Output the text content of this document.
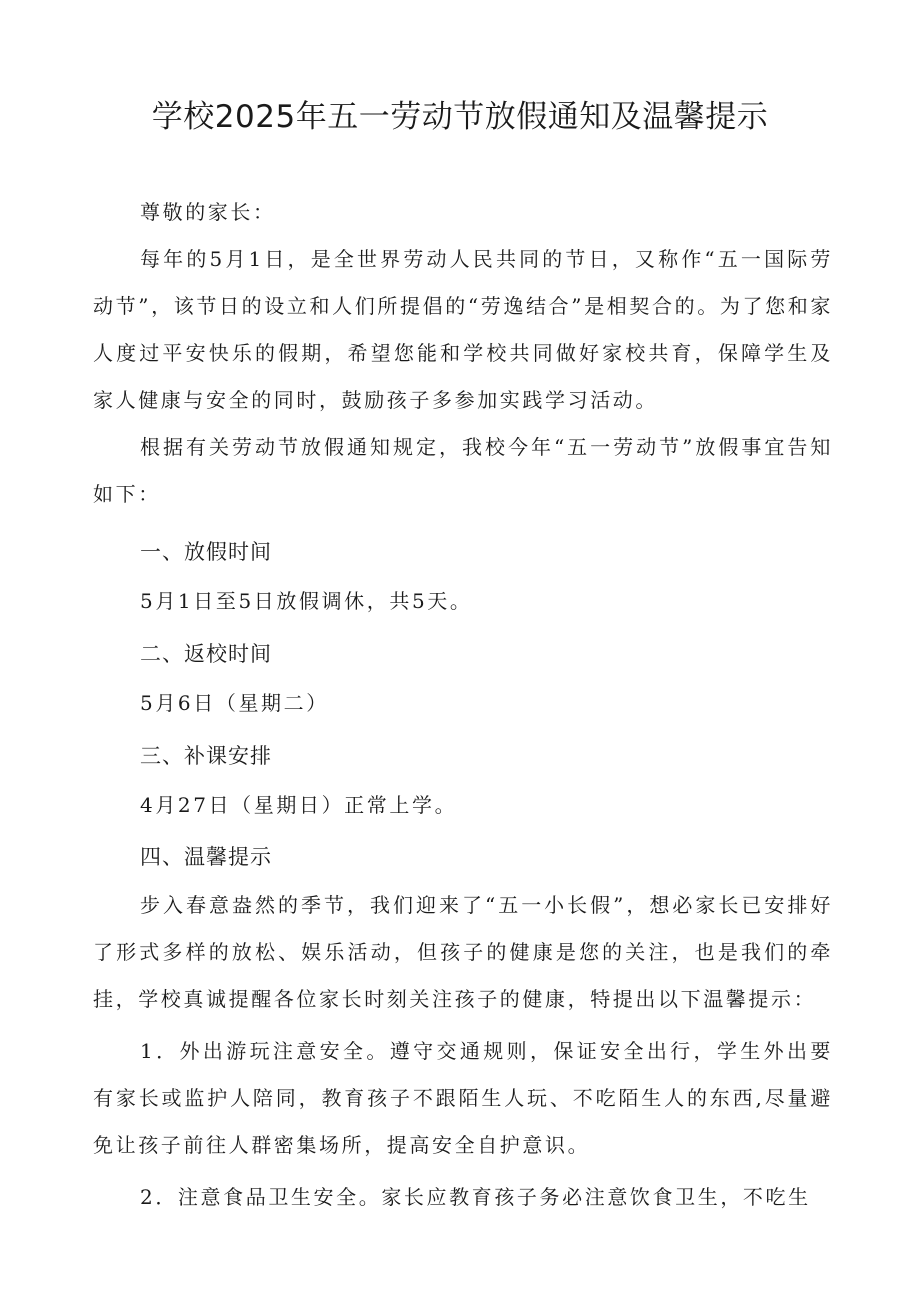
学校2025年五一劳动节放假通知及温馨提示

尊敬的家长：

每年的5月1日，是全世界劳动人民共同的节日，又称作“五一国际劳动节”，该节日的设立和人们所提倡的“劳逸结合”是相契合的。为了您和家人度过平安快乐的假期，希望您能和学校共同做好家校共育，保障学生及家人健康与安全的同时，鼓励孩子多参加实践学习活动。

根据有关劳动节放假通知规定，我校今年“五一劳动节”放假事宜告知如下：

一、放假时间

5月1日至5日放假调休，共5天。

二、返校时间

5月6日（星期二）

三、补课安排

4月27日（星期日）正常上学。

四、温馨提示

步入春意盎然的季节，我们迎来了“五一小长假”，想必家长已安排好了形式多样的放松、娱乐活动，但孩子的健康是您的关注，也是我们的牵挂，学校真诚提醒各位家长时刻关注孩子的健康，特提出以下温馨提示：

1．外出游玩注意安全。遵守交通规则，保证安全出行，学生外出要有家长或监护人陪同，教育孩子不跟陌生人玩、不吃陌生人的东西,尽量避免让孩子前往人群密集场所，提高安全自护意识。

2．注意食品卫生安全。家长应教育孩子务必注意饮食卫生，不吃生
